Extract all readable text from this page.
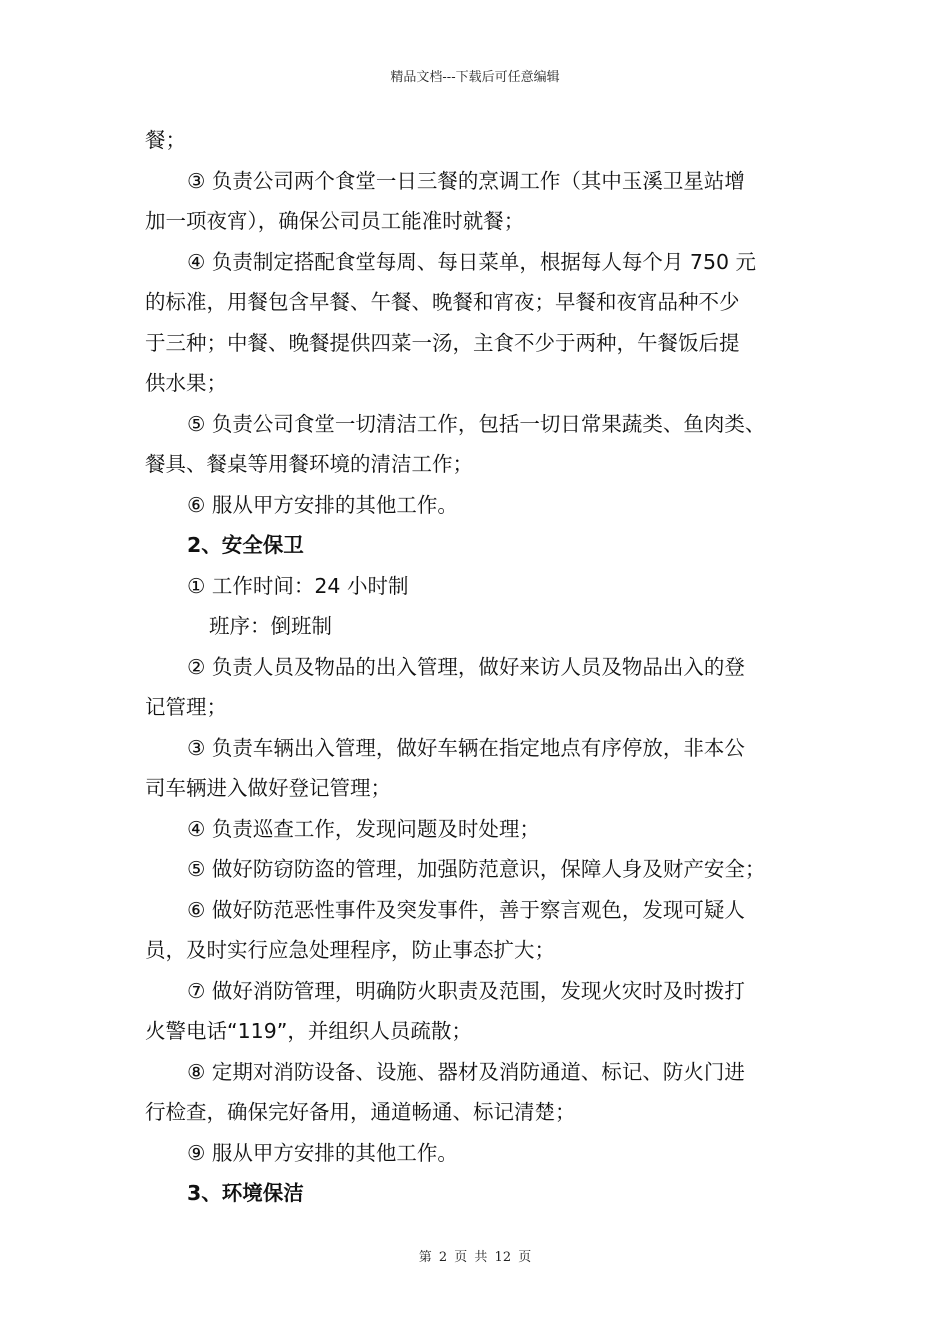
精品文档---下载后可任意编辑

餐；

③ 负责公司两个食堂一日三餐的烹调工作（其中玉溪卫星站增

加一项夜宵），确保公司员工能准时就餐；

④ 负责制定搭配食堂每周、每日菜单，根据每人每个月 750 元

的标准，用餐包含早餐、午餐、晚餐和宵夜；早餐和夜宵品种不少

于三种；中餐、晚餐提供四菜一汤，主食不少于两种，午餐饭后提

供水果；

⑤ 负责公司食堂一切清洁工作，包括一切日常果蔬类、鱼肉类、

餐具、餐桌等用餐环境的清洁工作；

⑥ 服从甲方安排的其他工作。

2、安全保卫

① 工作时间：24 小时制

班序：倒班制

② 负责人员及物品的出入管理，做好来访人员及物品出入的登

记管理；

③ 负责车辆出入管理，做好车辆在指定地点有序停放，非本公

司车辆进入做好登记管理；

④ 负责巡查工作，发现问题及时处理；

⑤ 做好防窃防盗的管理，加强防范意识，保障人身及财产安全；

⑥ 做好防范恶性事件及突发事件，善于察言观色，发现可疑人

员，及时实行应急处理程序，防止事态扩大；

⑦ 做好消防管理，明确防火职责及范围，发现火灾时及时拨打

火警电话“119”，并组织人员疏散；

⑧ 定期对消防设备、设施、器材及消防通道、标记、防火门进

行检查，确保完好备用，通道畅通、标记清楚；

⑨ 服从甲方安排的其他工作。

3、环境保洁

第 2 页 共 12 页
